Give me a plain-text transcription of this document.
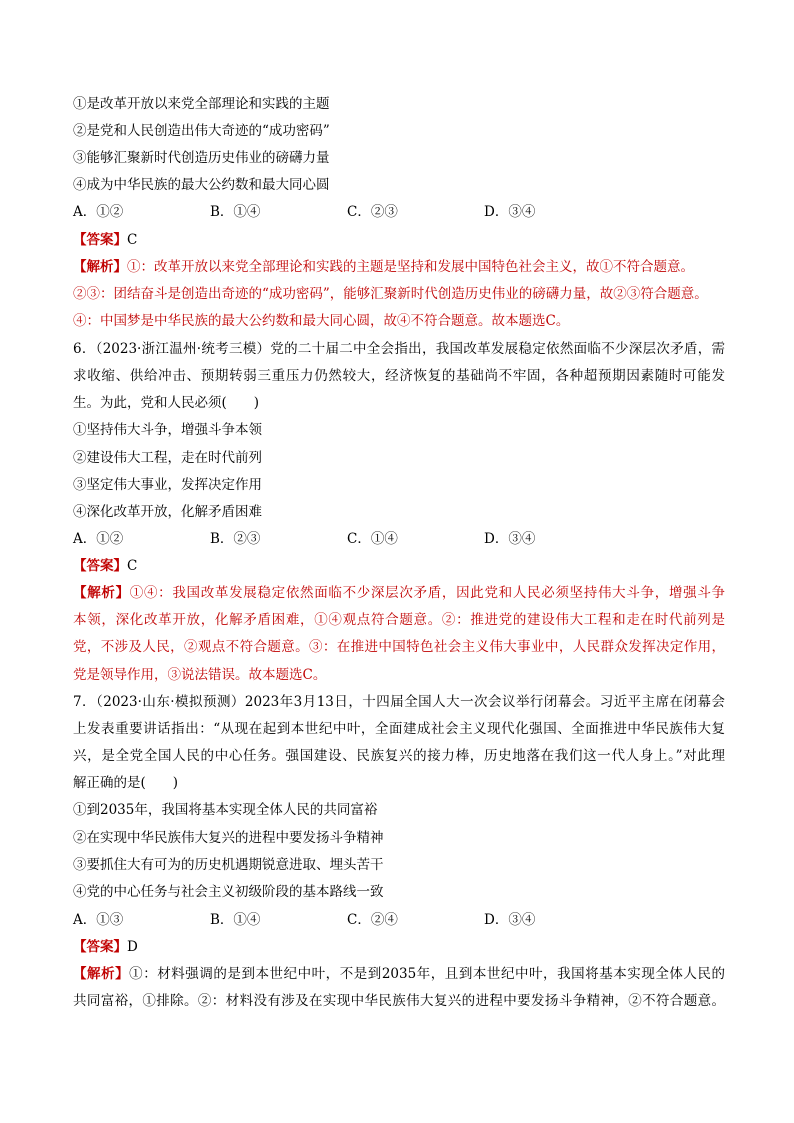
①是改革开放以来党全部理论和实践的主题
②是党和人民创造出伟大奇迹的“成功密码”
③能够汇聚新时代创造历史伟业的磅礴力量
④成为中华民族的最大公约数和最大同心圆
A．①②	B．①④	C．②③	D．③④
【答案】C
【解析】①：改革开放以来党全部理论和实践的主题是坚持和发展中国特色社会主义，故①不符合题意。
②③：团结奋斗是创造出奇迹的“成功密码”，能够汇聚新时代创造历史伟业的磅礴力量，故②③符合题意。
④：中国梦是中华民族的最大公约数和最大同心圆，故④不符合题意。故本题选C。
6．（2023·浙江温州·统考三模）党的二十届二中全会指出，我国改革发展稳定依然面临不少深层次矛盾，需
求收缩、供给冲击、预期转弱三重压力仍然较大，经济恢复的基础尚不牢固，各种超预期因素随时可能发
生。为此，党和人民必须(　　)
①坚持伟大斗争，增强斗争本领
②建设伟大工程，走在时代前列
③坚定伟大事业，发挥决定作用
④深化改革开放，化解矛盾困难
A．①②	B．②③	C．①④	D．③④
【答案】C
【解析】①④：我国改革发展稳定依然面临不少深层次矛盾，因此党和人民必须坚持伟大斗争，增强斗争
本领，深化改革开放，化解矛盾困难，①④观点符合题意。②：推进党的建设伟大工程和走在时代前列是
党，不涉及人民，②观点不符合题意。③：在推进中国特色社会主义伟大事业中，人民群众发挥决定作用，
党是领导作用，③说法错误。故本题选C。
7．（2023·山东·模拟预测）2023年3月13日，十四届全国人大一次会议举行闭幕会。习近平主席在闭幕会
上发表重要讲话指出：“从现在起到本世纪中叶，全面建成社会主义现代化强国、全面推进中华民族伟大复
兴，是全党全国人民的中心任务。强国建设、民族复兴的接力棒，历史地落在我们这一代人身上。”对此理
解正确的是(　　)
①到2035年，我国将基本实现全体人民的共同富裕
②在实现中华民族伟大复兴的进程中要发扬斗争精神
③要抓住大有可为的历史机遇期锐意进取、埋头苦干
④党的中心任务与社会主义初级阶段的基本路线一致
A．①③	B．①④	C．②④	D．③④
【答案】D
【解析】①：材料强调的是到本世纪中叶，不是到2035年，且到本世纪中叶，我国将基本实现全体人民的
共同富裕，①排除。②：材料没有涉及在实现中华民族伟大复兴的进程中要发扬斗争精神，②不符合题意。
